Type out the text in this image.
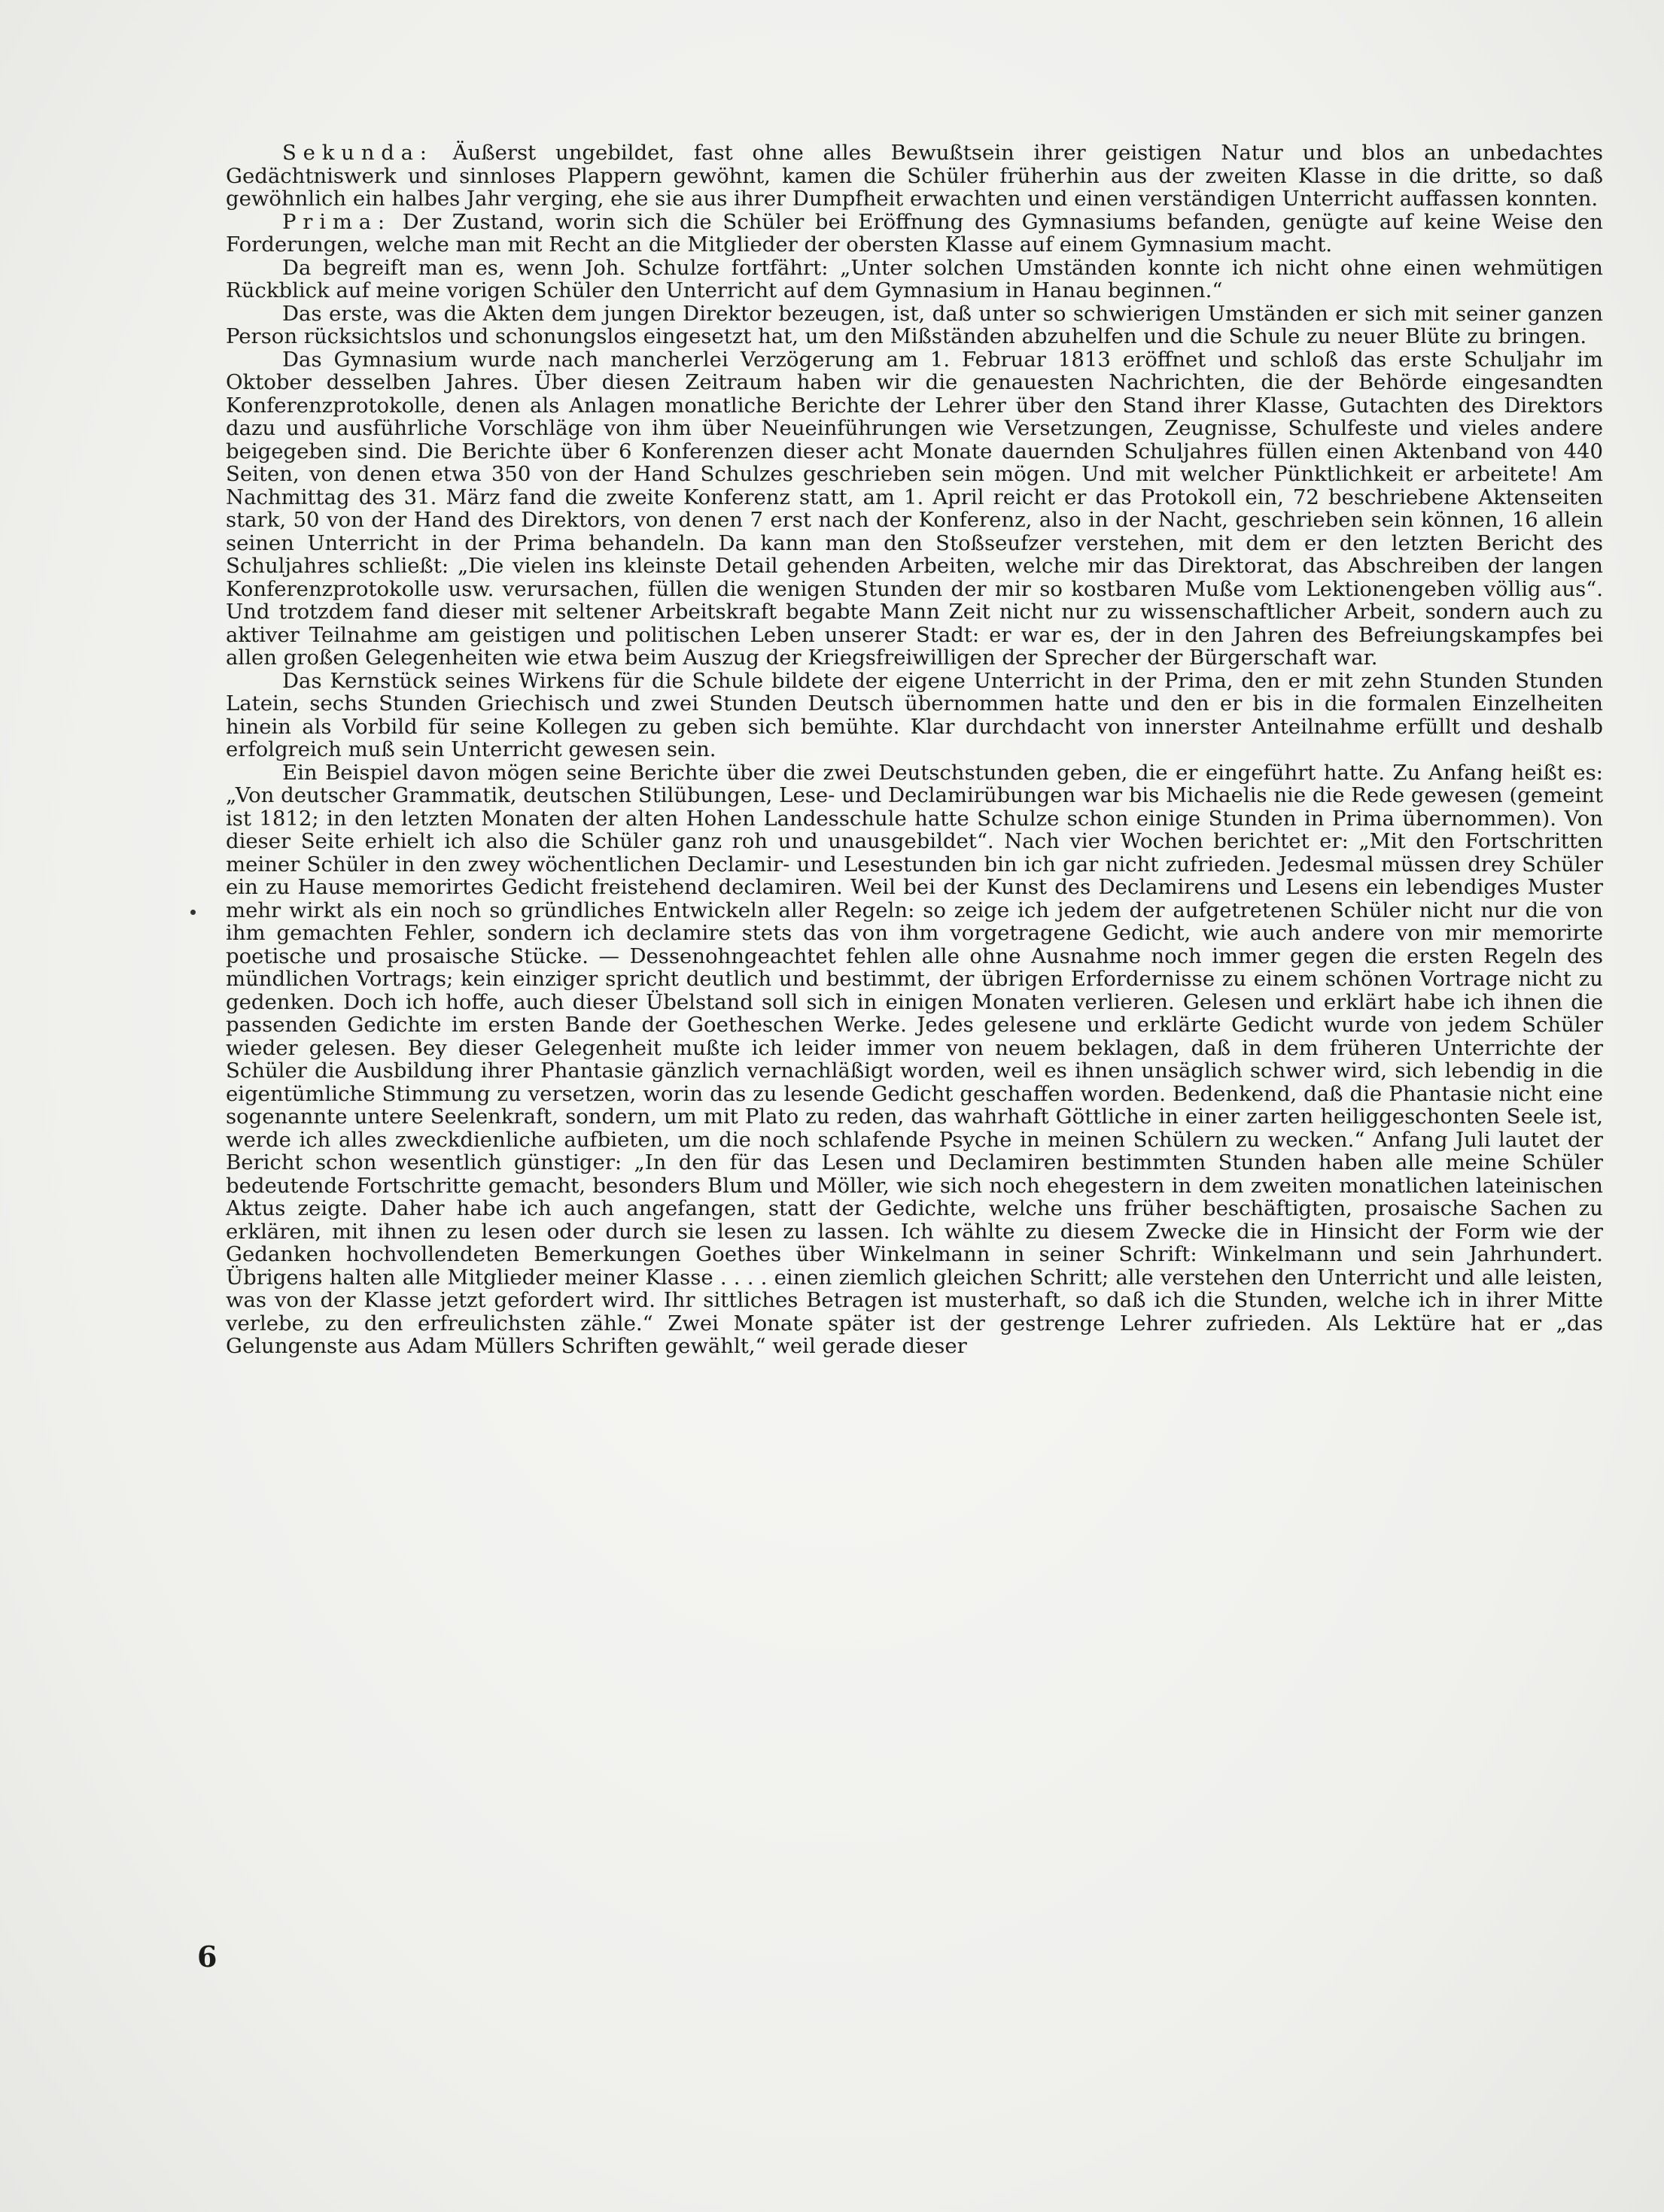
Sekunda: Äußerst ungebildet, fast ohne alles Bewußtsein ihrer geistigen Natur und blos an unbedachtes Gedächtniswerk und sinnloses Plappern gewöhnt, kamen die Schüler früherhin aus der zweiten Klasse in die dritte, so daß gewöhnlich ein halbes Jahr verging, ehe sie aus ihrer Dumpfheit erwachten und einen verständigen Unterricht auffassen konnten.

Prima: Der Zustand, worin sich die Schüler bei Eröffnung des Gymnasiums befanden, genügte auf keine Weise den Forderungen, welche man mit Recht an die Mitglieder der obersten Klasse auf einem Gymnasium macht.

Da begreift man es, wenn Joh. Schulze fortfährt: „Unter solchen Umständen konnte ich nicht ohne einen wehmütigen Rückblick auf meine vorigen Schüler den Unterricht auf dem Gymnasium in Hanau beginnen.“

Das erste, was die Akten dem jungen Direktor bezeugen, ist, daß unter so schwierigen Umständen er sich mit seiner ganzen Person rücksichtslos und schonungslos eingesetzt hat, um den Mißständen abzuhelfen und die Schule zu neuer Blüte zu bringen.

Das Gymnasium wurde nach mancherlei Verzögerung am 1. Februar 1813 eröffnet und schloß das erste Schuljahr im Oktober desselben Jahres. Über diesen Zeitraum haben wir die genauesten Nachrichten, die der Behörde eingesandten Konferenzprotokolle, denen als Anlagen monatliche Berichte der Lehrer über den Stand ihrer Klasse, Gutachten des Direktors dazu und ausführliche Vorschläge von ihm über Neueinführungen wie Versetzungen, Zeugnisse, Schulfeste und vieles andere beigegeben sind. Die Berichte über 6 Konferenzen dieser acht Monate dauernden Schuljahres füllen einen Aktenband von 440 Seiten, von denen etwa 350 von der Hand Schulzes geschrieben sein mögen. Und mit welcher Pünktlichkeit er arbeitete! Am Nachmittag des 31. März fand die zweite Konferenz statt, am 1. April reicht er das Protokoll ein, 72 beschriebene Aktenseiten stark, 50 von der Hand des Direktors, von denen 7 erst nach der Konferenz, also in der Nacht, geschrieben sein können, 16 allein seinen Unterricht in der Prima behandeln. Da kann man den Stoßseufzer verstehen, mit dem er den letzten Bericht des Schuljahres schließt: „Die vielen ins kleinste Detail gehenden Arbeiten, welche mir das Direktorat, das Abschreiben der langen Konferenzprotokolle usw. verursachen, füllen die wenigen Stunden der mir so kostbaren Muße vom Lektionengeben völlig aus“. Und trotzdem fand dieser mit seltener Arbeitskraft begabte Mann Zeit nicht nur zu wissenschaftlicher Arbeit, sondern auch zu aktiver Teilnahme am geistigen und politischen Leben unserer Stadt: er war es, der in den Jahren des Befreiungskampfes bei allen großen Gelegenheiten wie etwa beim Auszug der Kriegsfreiwilligen der Sprecher der Bürgerschaft war.

Das Kernstück seines Wirkens für die Schule bildete der eigene Unterricht in der Prima, den er mit zehn Stunden Stunden Latein, sechs Stunden Griechisch und zwei Stunden Deutsch übernommen hatte und den er bis in die formalen Einzelheiten hinein als Vorbild für seine Kollegen zu geben sich bemühte. Klar durchdacht von innerster Anteilnahme erfüllt und deshalb erfolgreich muß sein Unterricht gewesen sein.

Ein Beispiel davon mögen seine Berichte über die zwei Deutschstunden geben, die er eingeführt hatte. Zu Anfang heißt es: „Von deutscher Grammatik, deutschen Stilübungen, Lese- und Declamirübungen war bis Michaelis nie die Rede gewesen (gemeint ist 1812; in den letzten Monaten der alten Hohen Landesschule hatte Schulze schon einige Stunden in Prima übernommen). Von dieser Seite erhielt ich also die Schüler ganz roh und unausgebildet“. Nach vier Wochen berichtet er: „Mit den Fortschritten meiner Schüler in den zwey wöchentlichen Declamir- und Lesestunden bin ich gar nicht zufrieden. Jedesmal müssen drey Schüler ein zu Hause memorirtes Gedicht freistehend declamiren. Weil bei der Kunst des Declamirens und Lesens ein lebendiges Muster mehr wirkt als ein noch so gründliches Entwickeln aller Regeln: so zeige ich jedem der aufgetretenen Schüler nicht nur die von ihm gemachten Fehler, sondern ich declamire stets das von ihm vorgetragene Gedicht, wie auch andere von mir memorirte poetische und prosaische Stücke. — Dessenohngeachtet fehlen alle ohne Ausnahme noch immer gegen die ersten Regeln des mündlichen Vortrags; kein einziger spricht deutlich und bestimmt, der übrigen Erfordernisse zu einem schönen Vortrage nicht zu gedenken. Doch ich hoffe, auch dieser Übelstand soll sich in einigen Monaten verlieren. Gelesen und erklärt habe ich ihnen die passenden Gedichte im ersten Bande der Goetheschen Werke. Jedes gelesene und erklärte Gedicht wurde von jedem Schüler wieder gelesen. Bey dieser Gelegenheit mußte ich leider immer von neuem beklagen, daß in dem früheren Unterrichte der Schüler die Ausbildung ihrer Phantasie gänzlich vernachläßigt worden, weil es ihnen unsäglich schwer wird, sich lebendig in die eigentümliche Stimmung zu versetzen, worin das zu lesende Gedicht geschaffen worden. Bedenkend, daß die Phantasie nicht eine sogenannte untere Seelenkraft, sondern, um mit Plato zu reden, das wahrhaft Göttliche in einer zarten heiliggeschonten Seele ist, werde ich alles zweckdienliche aufbieten, um die noch schlafende Psyche in meinen Schülern zu wecken.“ Anfang Juli lautet der Bericht schon wesentlich günstiger: „In den für das Lesen und Declamiren bestimmten Stunden haben alle meine Schüler bedeutende Fortschritte gemacht, besonders Blum und Möller, wie sich noch ehegestern in dem zweiten monatlichen lateinischen Aktus zeigte. Daher habe ich auch angefangen, statt der Gedichte, welche uns früher beschäftigten, prosaische Sachen zu erklären, mit ihnen zu lesen oder durch sie lesen zu lassen. Ich wählte zu diesem Zwecke die in Hinsicht der Form wie der Gedanken hochvollendeten Bemerkungen Goethes über Winkelmann in seiner Schrift: Winkelmann und sein Jahrhundert. Übrigens halten alle Mitglieder meiner Klasse . . . . einen ziemlich gleichen Schritt; alle verstehen den Unterricht und alle leisten, was von der Klasse jetzt gefordert wird. Ihr sittliches Betragen ist musterhaft, so daß ich die Stunden, welche ich in ihrer Mitte verlebe, zu den erfreulichsten zähle.“ Zwei Monate später ist der gestrenge Lehrer zufrieden. Als Lektüre hat er „das Gelungenste aus Adam Müllers Schriften gewählt,“ weil gerade dieser

6
